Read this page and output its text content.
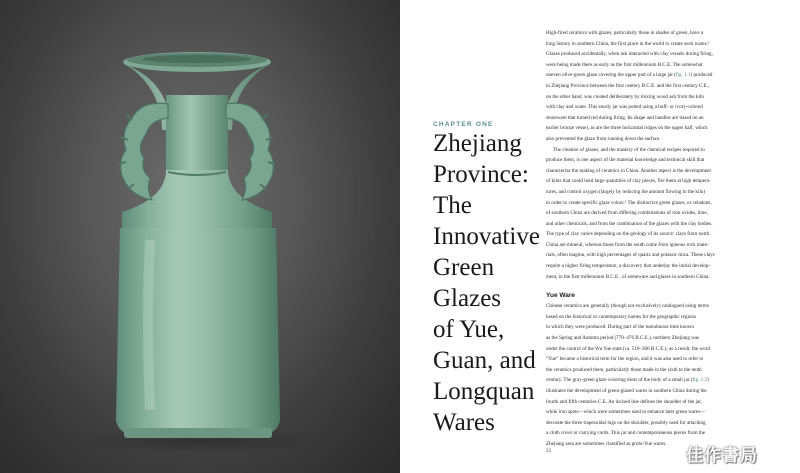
CHAPTER ONE
Zhejiang
Province:
The
Innovative
Green
Glazes
of Yue,
Guan, and
Longquan
Wares

High-fired ceramics with glazes, particularly those in shades of green, have a

long history in southern China, the first place in the world to create such wares.¹

Glazes produced accidentally, when ash interacted with clay vessels during firing,

were being made there as early as the first millennium B.C.E. The somewhat

uneven olive-green glaze covering the upper part of a large jar (fig. 1.1) produced

in Zhejiang Province between the first century B.C.E. and the first century C.E.,

on the other hand, was created deliberately by mixing wood ash from the kiln

with clay and water. This sturdy jar was potted using a buff- or ivory-colored

stoneware that turned red during firing. Its shape and handles are based on an

earlier bronze vessel, as are the three horizontal ridges on the upper half, which

also prevented the glaze from running down the surface.

The creation of glazes, and the mastery of the chemical recipes required to

produce them, is one aspect of the material knowledge and technical skill that

characterize the making of ceramics in China. Another aspect is the development

of kilns that could hold large quantities of clay pieces, fire them at high tempera-

tures, and control oxygen (largely by reducing the amount flowing in the kiln)

in order to create specific glaze colors.² The distinctive green glazes, or celadons,

of southern China are derived from differing combinations of iron oxides, lime,

and other chemicals, and from the combination of the glazes with the clay bodies.

The type of clay varies depending on the geology of its source: clays from north

China are mineral, whereas those from the south come from igneous rock mate-

rials, often magma, with high percentages of quartz and potassic mica. These clays

require a higher firing temperature, a discovery that underlay the initial develop-

ment, in the first millennium B.C.E., of stoneware and glazes in southern China.

Yue Ware

Chinese ceramics are generally (though not exclusively) catalogued using terms

based on the historical or contemporary names for the geographic regions

in which they were produced. During part of the tumultuous time known

as the Spring and Autumn period (770–476 B.C.E.), northern Zhejiang was

under the control of the Wu Yue state (ca. 510–306 B.C.E.); as a result, the word

“Yue” became a historical term for the region, and it was also used to refer to

the ceramics produced there, particularly those made in the sixth to the tenth

century. The gray-green glaze covering most of the body of a small jar (fig. 1.2)

illustrates the development of green-glazed wares in southern China during the

fourth and fifth centuries C.E. An incised line defines the shoulder of the jar,

while iron spots—which were sometimes used to enhance later green wares—

decorate the three trapezoidal lugs on the shoulder, possibly used for attaching

a cloth cover or carrying cords. This jar and contemporaneous pieces from the

Zhejiang area are sometimes classified as proto-Yue wares.

23	佳作書局
